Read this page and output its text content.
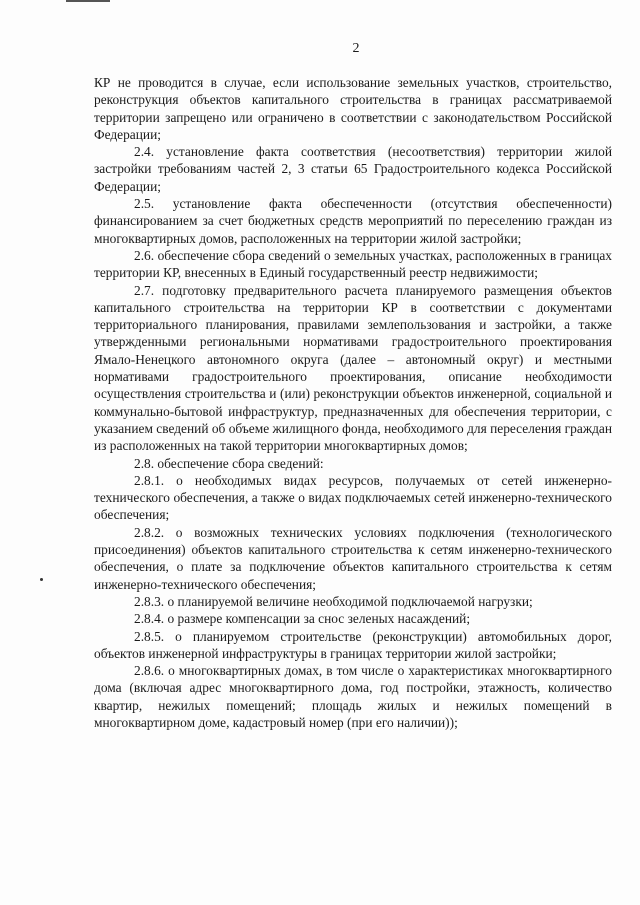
2

КР не проводится в случае, если использование земельных участков, строительство, реконструкция объектов капитального строительства в границах рассматриваемой территории запрещено или ограничено в соответствии с законодательством Российской Федерации;

2.4. установление факта соответствия (несоответствия) территории жилой застройки требованиям частей 2, 3 статьи 65 Градостроительного кодекса Российской Федерации;

2.5. установление факта обеспеченности (отсутствия обеспеченности) финансированием за счет бюджетных средств мероприятий по переселению граждан из многоквартирных домов, расположенных на территории жилой застройки;

2.6. обеспечение сбора сведений о земельных участках, расположенных в границах территории КР, внесенных в Единый государственный реестр недвижимости;

2.7. подготовку предварительного расчета планируемого размещения объектов капитального строительства на территории КР в соответствии с документами территориального планирования, правилами землепользования и застройки, а также утвержденными региональными нормативами градостроительного проектирования Ямало-Ненецкого автономного округа (далее – автономный округ) и местными нормативами градостроительного проектирования, описание необходимости осуществления строительства и (или) реконструкции объектов инженерной, социальной и коммунально-бытовой инфраструктур, предназначенных для обеспечения территории, с указанием сведений об объеме жилищного фонда, необходимого для переселения граждан из расположенных на такой территории многоквартирных домов;

2.8. обеспечение сбора сведений:

2.8.1. о необходимых видах ресурсов, получаемых от сетей инженерно-технического обеспечения, а также о видах подключаемых сетей инженерно-технического обеспечения;

2.8.2. о возможных технических условиях подключения (технологического присоединения) объектов капитального строительства к сетям инженерно-технического обеспечения, о плате за подключение объектов капитального строительства к сетям инженерно-технического обеспечения;

2.8.3. о планируемой величине необходимой подключаемой нагрузки;

2.8.4. о размере компенсации за снос зеленых насаждений;

2.8.5. о планируемом строительстве (реконструкции) автомобильных дорог, объектов инженерной инфраструктуры в границах территории жилой застройки;

2.8.6. о многоквартирных домах, в том числе о характеристиках многоквартирного дома (включая адрес многоквартирного дома, год постройки, этажность, количество квартир, нежилых помещений; площадь жилых и нежилых помещений в многоквартирном доме, кадастровый номер (при его наличии));
